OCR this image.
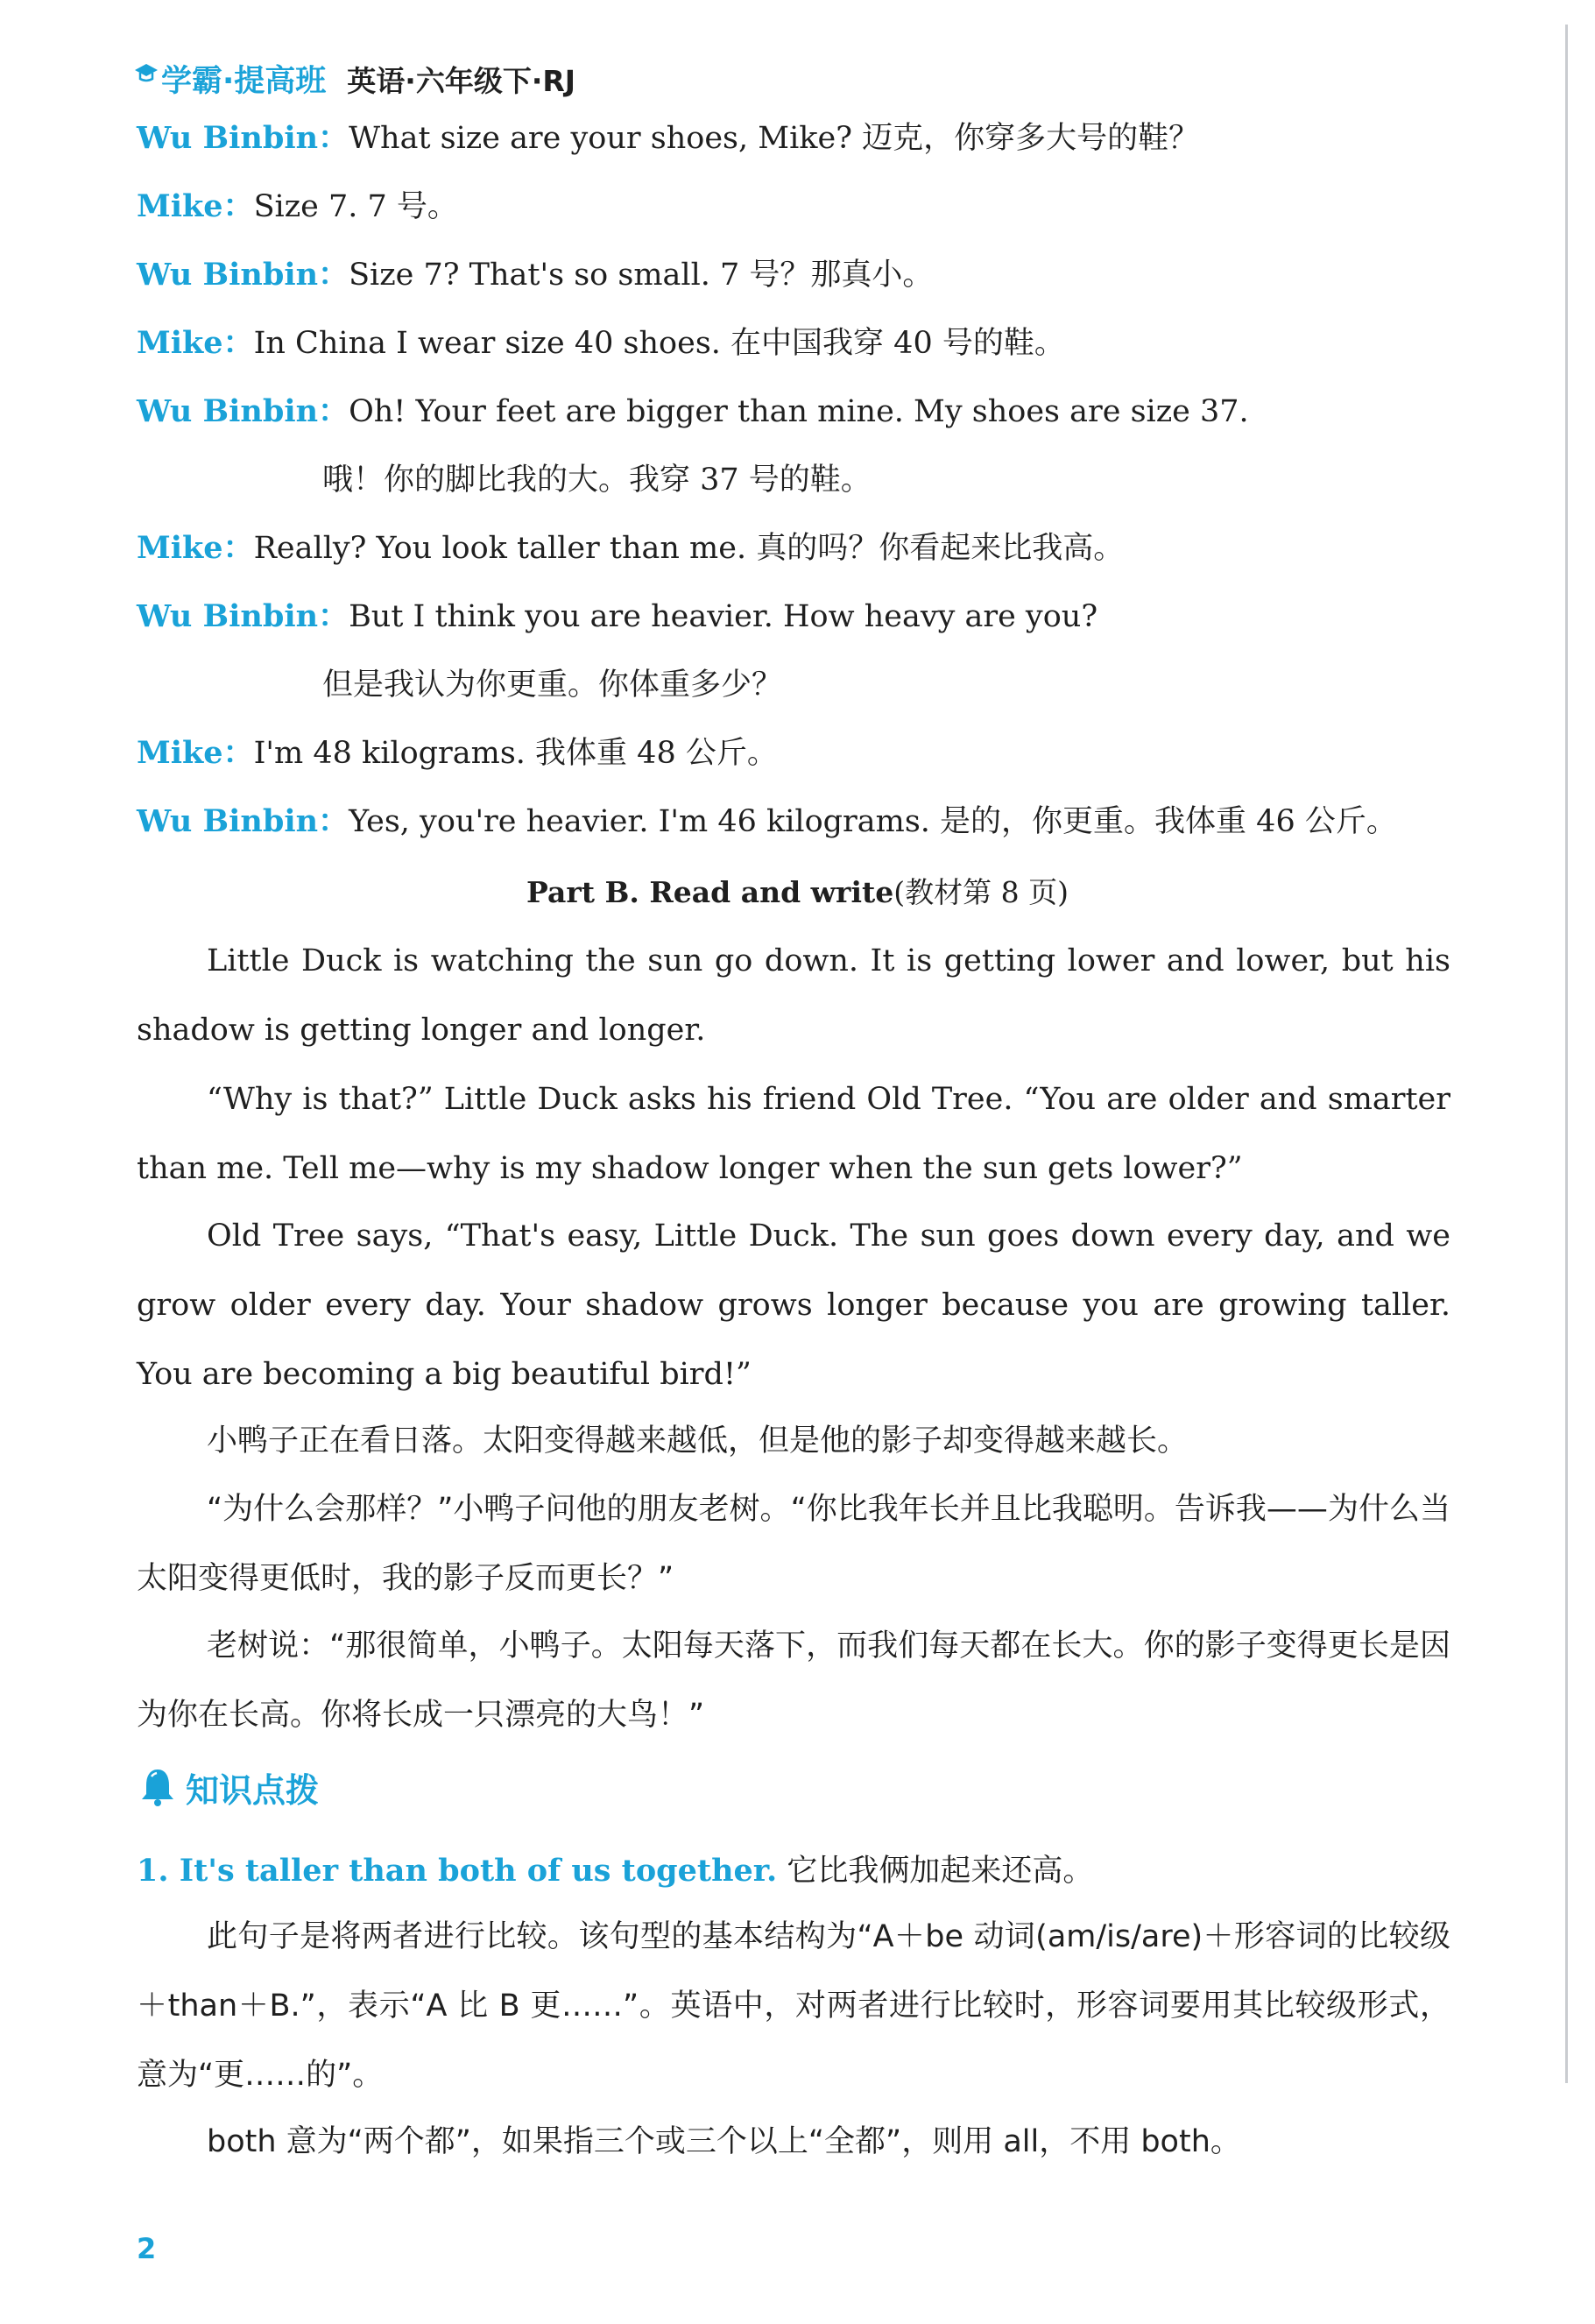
学霸·提高班 英语·六年级下·RJ
Wu Binbin：What size are your shoes, Mike? 迈克，你穿多大号的鞋？
Mike：Size 7. 7 号。
Wu Binbin：Size 7? That's so small. 7 号？那真小。
Mike：In China I wear size 40 shoes. 在中国我穿 40 号的鞋。
Wu Binbin：Oh! Your feet are bigger than mine. My shoes are size 37.
哦！你的脚比我的大。我穿 37 号的鞋。
Mike：Really? You look taller than me. 真的吗？你看起来比我高。
Wu Binbin：But I think you are heavier. How heavy are you?
但是我认为你更重。你体重多少？
Mike：I'm 48 kilograms. 我体重 48 公斤。
Wu Binbin：Yes, you're heavier. I'm 46 kilograms. 是的，你更重。我体重 46 公斤。
Part B. Read and write(教材第 8 页)
Little Duck is watching the sun go down. It is getting lower and lower, but his shadow is getting longer and longer.
“Why is that?” Little Duck asks his friend Old Tree. “You are older and smarter than me. Tell me—why is my shadow longer when the sun gets lower?”
Old Tree says, “That's easy, Little Duck. The sun goes down every day, and we grow older every day. Your shadow grows longer because you are growing taller. You are becoming a big beautiful bird!”
小鸭子正在看日落。太阳变得越来越低，但是他的影子却变得越来越长。
“为什么会那样？”小鸭子问他的朋友老树。“你比我年长并且比我聪明。告诉我——为什么当太阳变得更低时，我的影子反而更长？”
老树说：“那很简单，小鸭子。太阳每天落下，而我们每天都在长大。你的影子变得更长是因为你在长高。你将长成一只漂亮的大鸟！”
知识点拨
1. It's taller than both of us together. 它比我俩加起来还高。
此句子是将两者进行比较。该句型的基本结构为“A＋be 动词(am/is/are)＋形容词的比较级＋than＋B.”，表示“A 比 B 更……”。英语中，对两者进行比较时，形容词要用其比较级形式，意为“更……的”。
both 意为“两个都”，如果指三个或三个以上“全都”，则用 all，不用 both。
2
